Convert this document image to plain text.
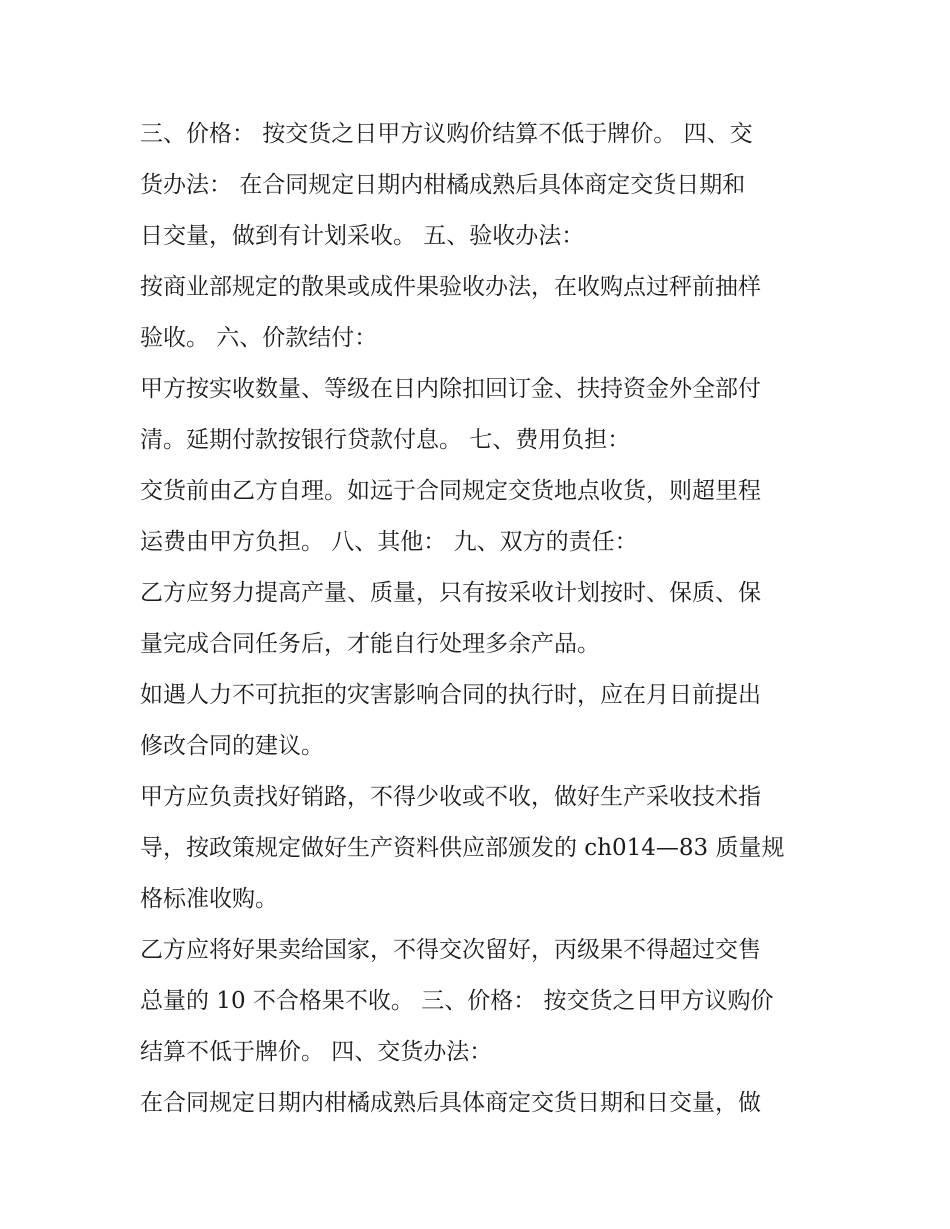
三、价格： 按交货之日甲方议购价结算不低于牌价。 四、交
货办法： 在合同规定日期内柑橘成熟后具体商定交货日期和
日交量，做到有计划采收。 五、验收办法：
按商业部规定的散果或成件果验收办法，在收购点过秤前抽样
验收。 六、价款结付：
甲方按实收数量、等级在日内除扣回订金、扶持资金外全部付
清。延期付款按银行贷款付息。 七、费用负担：
交货前由乙方自理。如远于合同规定交货地点收货，则超里程
运费由甲方负担。 八、其他： 九、双方的责任：
乙方应努力提高产量、质量，只有按采收计划按时、保质、保
量完成合同任务后，才能自行处理多余产品。
如遇人力不可抗拒的灾害影响合同的执行时，应在月日前提出
修改合同的建议。
甲方应负责找好销路，不得少收或不收，做好生产采收技术指
导，按政策规定做好生产资料供应部颁发的 ch014—83 质量规
格标准收购。
乙方应将好果卖给国家，不得交次留好，丙级果不得超过交售
总量的 10 不合格果不收。 三、价格： 按交货之日甲方议购价
结算不低于牌价。 四、交货办法：
在合同规定日期内柑橘成熟后具体商定交货日期和日交量，做
